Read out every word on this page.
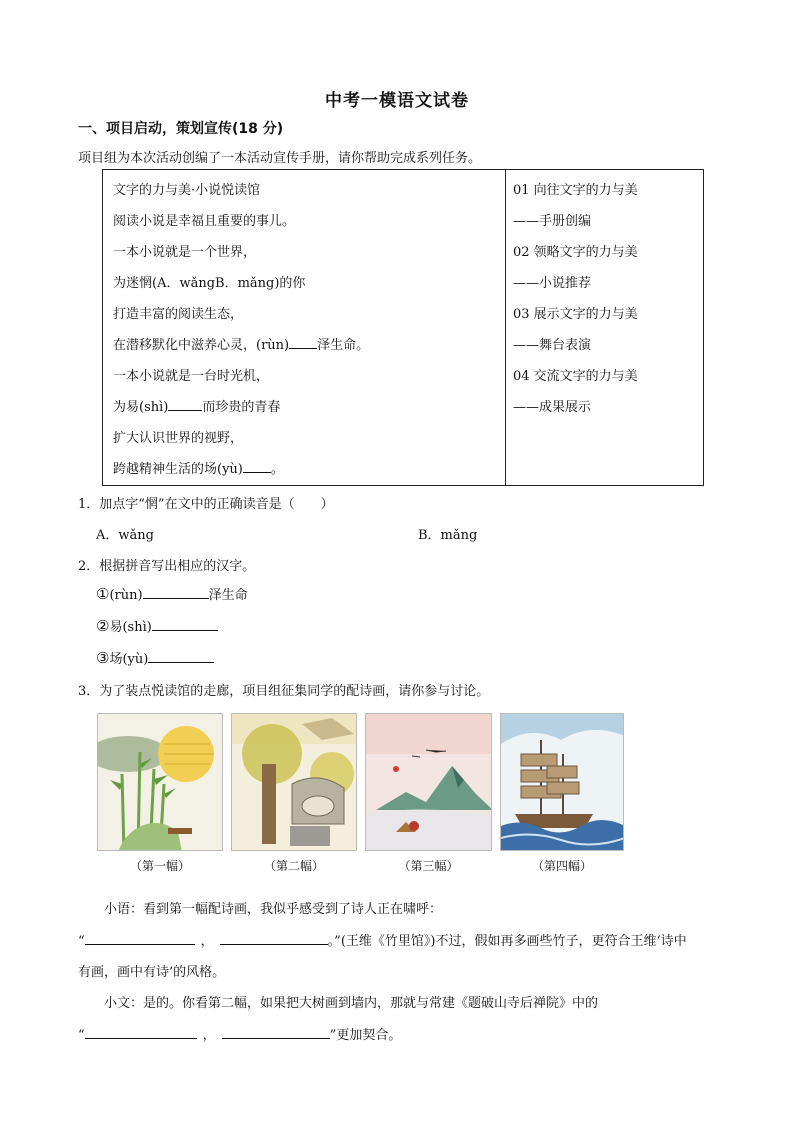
中考一模语文试卷
一、项目启动，策划宣传(18 分)
项目组为本次活动创编了一本活动宣传手册，请你帮助完成系列任务。
文字的力与美·小说悦读馆
阅读小说是幸福且重要的事儿。
一本小说就是一个世界，
为迷惘(A．wǎngB．mǎng)的你
打造丰富的阅读生态，
在潜移默化中滋养心灵，(rùn) 泽生命。
一本小说就是一台时光机，
为易(shì)	而珍贵的青春
扩大认识世界的视野，
跨越精神生活的场(yù) 。
01 向往文字的力与美
——手册创编
02 领略文字的力与美
——小说推荐
03 展示文字的力与美
——舞台表演
04 交流文字的力与美
——成果展示
1．加点字“惘”在文中的正确读音是（　　）
A．wǎng	B．mǎng
2．根据拼音写出相应的汉字。
①(rùn)	泽生命
②易(shì)
③场(yù)
3．为了装点悦读馆的走廊，项目组征集同学的配诗画，请你参与讨论。
（第一幅）	（第二幅）	（第三幅）	（第四幅）
小语：看到第一幅配诗画，我似乎感受到了诗人正在啸呼：
“	，	。”(王维《竹里馆》)不过，假如再多画些竹子，更符合王维‘诗中
有画，画中有诗’的风格。
小文：是的。你看第二幅，如果把大树画到墙内，那就与常建《题破山寺后禅院》中的
“	，	”更加契合。
